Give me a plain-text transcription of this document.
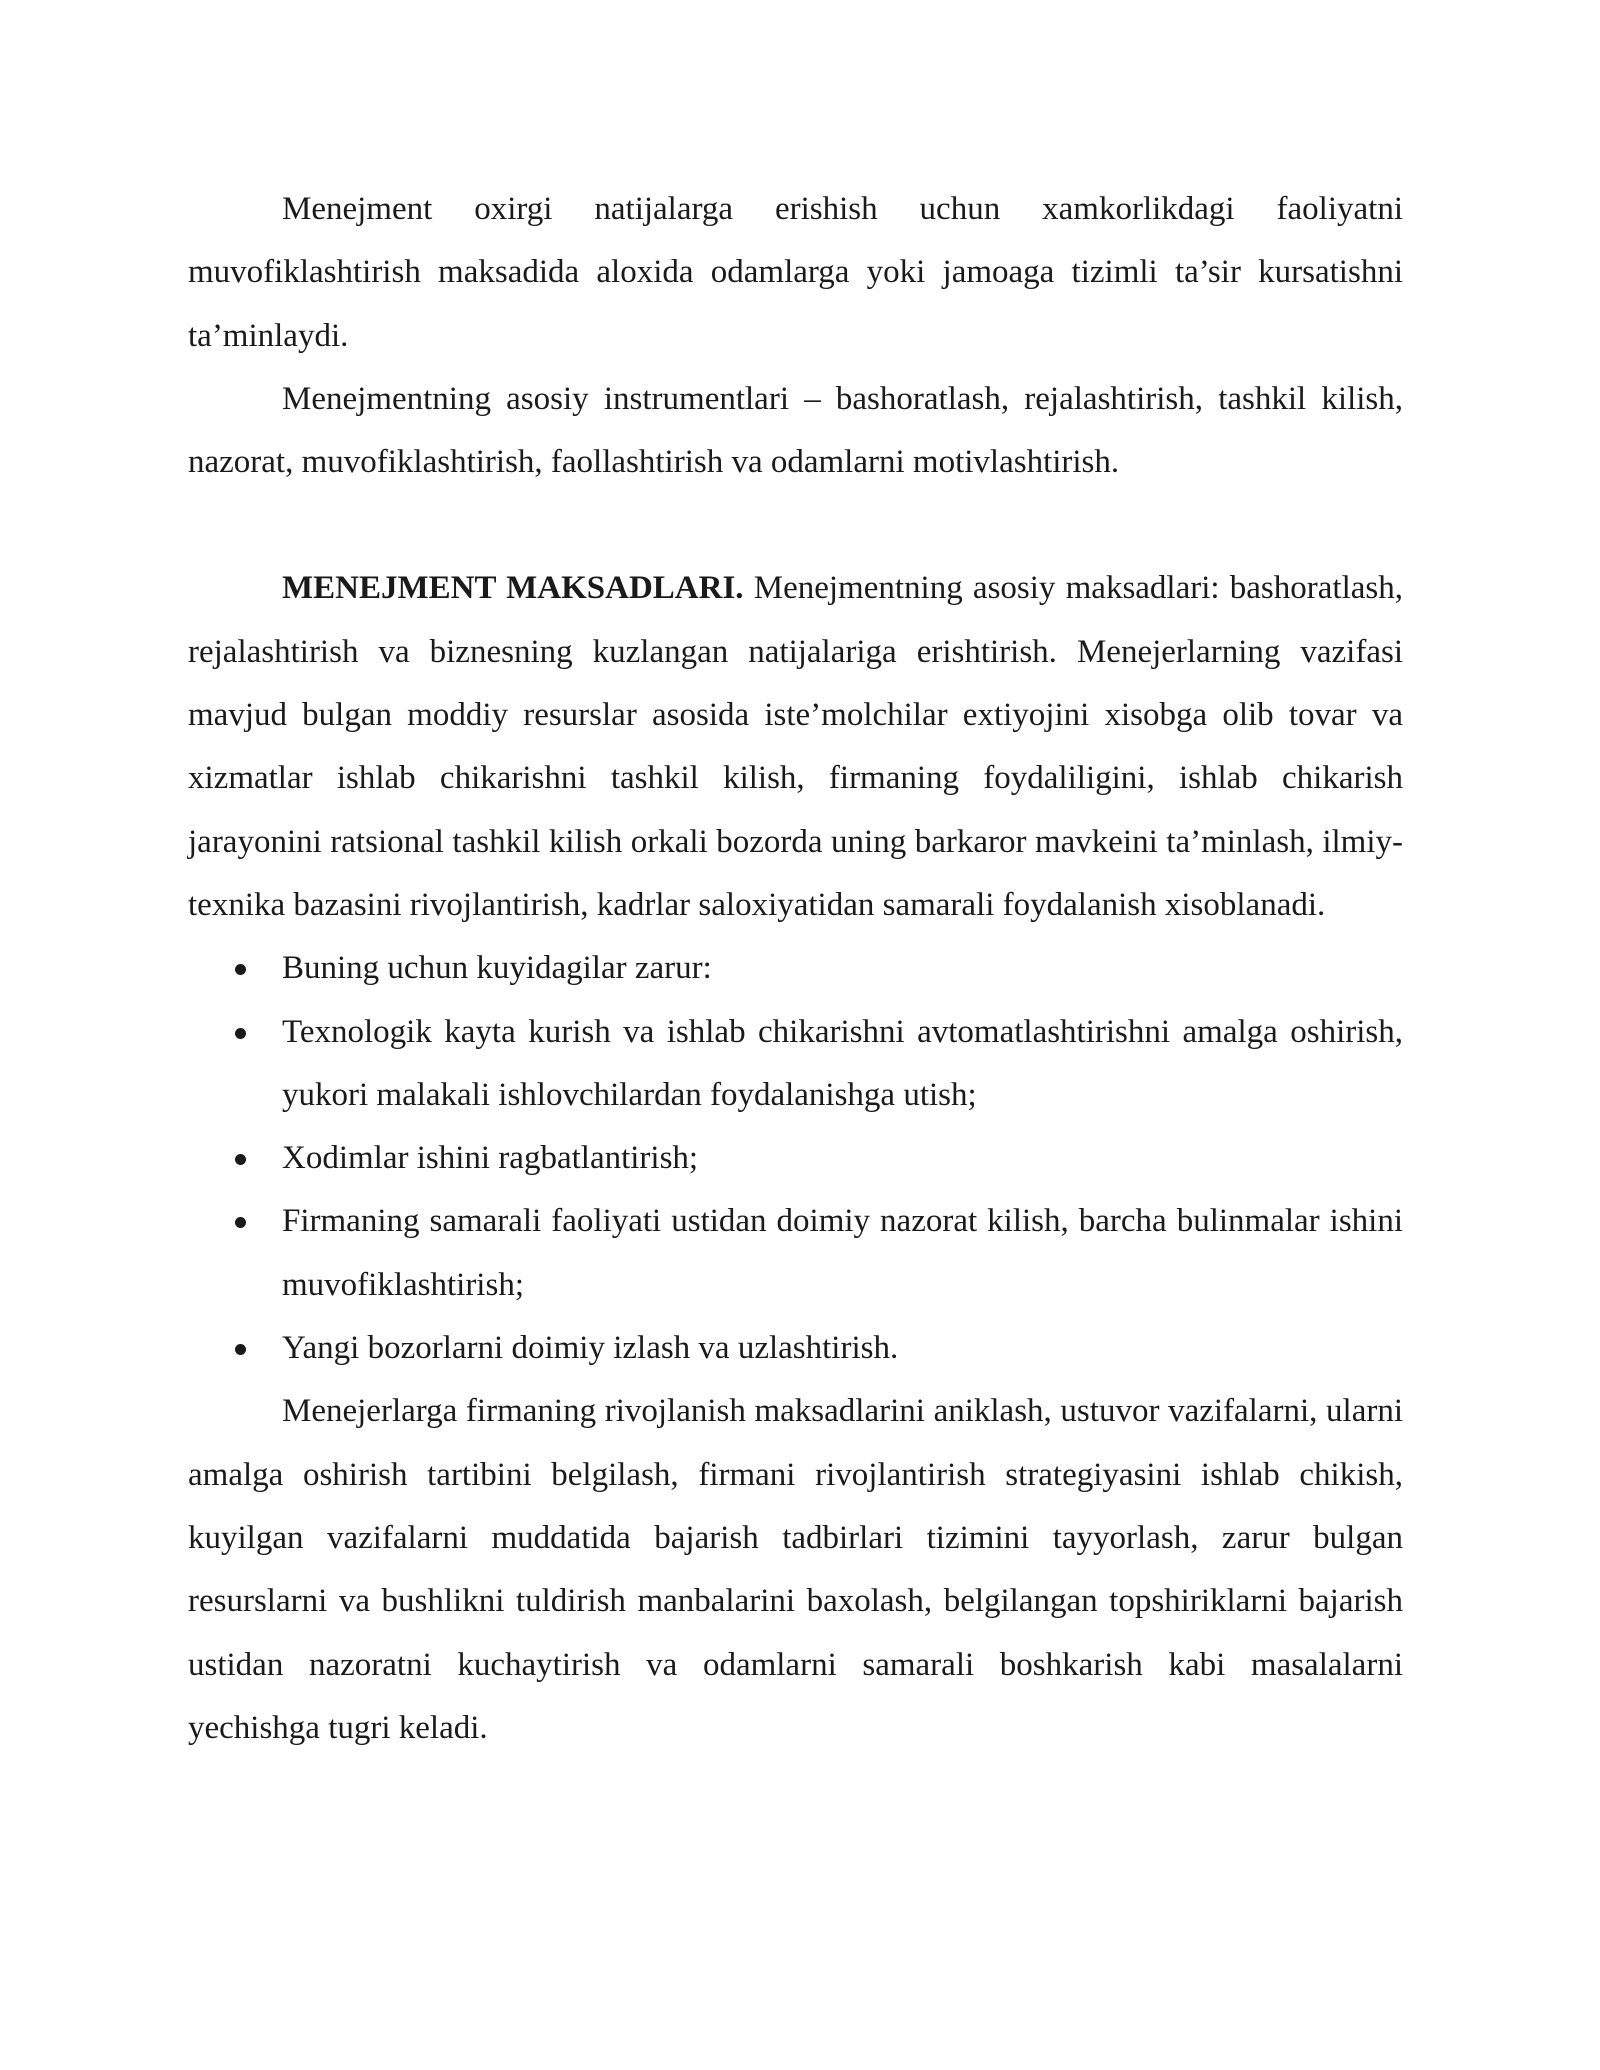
Menejment oxirgi natijalarga erishish uchun xamkorlikdagi faoliyatni muvofiklashtirish maksadida aloxida odamlarga yoki jamoaga tizimli ta’sir kursatishni ta’minlaydi.

Menejmentning asosiy instrumentlari – bashoratlash, rejalashtirish, tashkil kilish, nazorat, muvofiklashtirish, faollashtirish va odamlarni motivlashtirish.

MENEJMENT MAKSADLARI. Menejmentning asosiy maksadlari: bashoratlash, rejalashtirish va biznesning kuzlangan natijalariga erishtirish. Menejerlarning vazifasi mavjud bulgan moddiy resurslar asosida iste’molchilar extiyojini xisobga olib tovar va xizmatlar ishlab chikarishni tashkil kilish, firmaning foydaliligini, ishlab chikarish jarayonini ratsional tashkil kilish orkali bozorda uning barkaror mavkeini ta’minlash, ilmiy-texnika bazasini rivojlantirish, kadrlar saloxiyatidan samarali foydalanish xisoblanadi.

Buning uchun kuyidagilar zarur:
Texnologik kayta kurish va ishlab chikarishni avtomatlashtirishni amalga oshirish, yukori malakali ishlovchilardan foydalanishga utish;
Xodimlar ishini ragbatlantirish;
Firmaning samarali faoliyati ustidan doimiy nazorat kilish, barcha bulinmalar ishini muvofiklashtirish;
Yangi bozorlarni doimiy izlash va uzlashtirish.

Menejerlarga firmaning rivojlanish maksadlarini aniklash, ustuvor vazifalarni, ularni amalga oshirish tartibini belgilash, firmani rivojlantirish strategiyasini ishlab chikish, kuyilgan vazifalarni muddatida bajarish tadbirlari tizimini tayyorlash, zarur bulgan resurslarni va bushlikni tuldirish manbalarini baxolash, belgilangan topshiriklarni bajarish ustidan nazoratni kuchaytirish va odamlarni samarali boshkarish kabi masalalarni yechishga tugri keladi.
